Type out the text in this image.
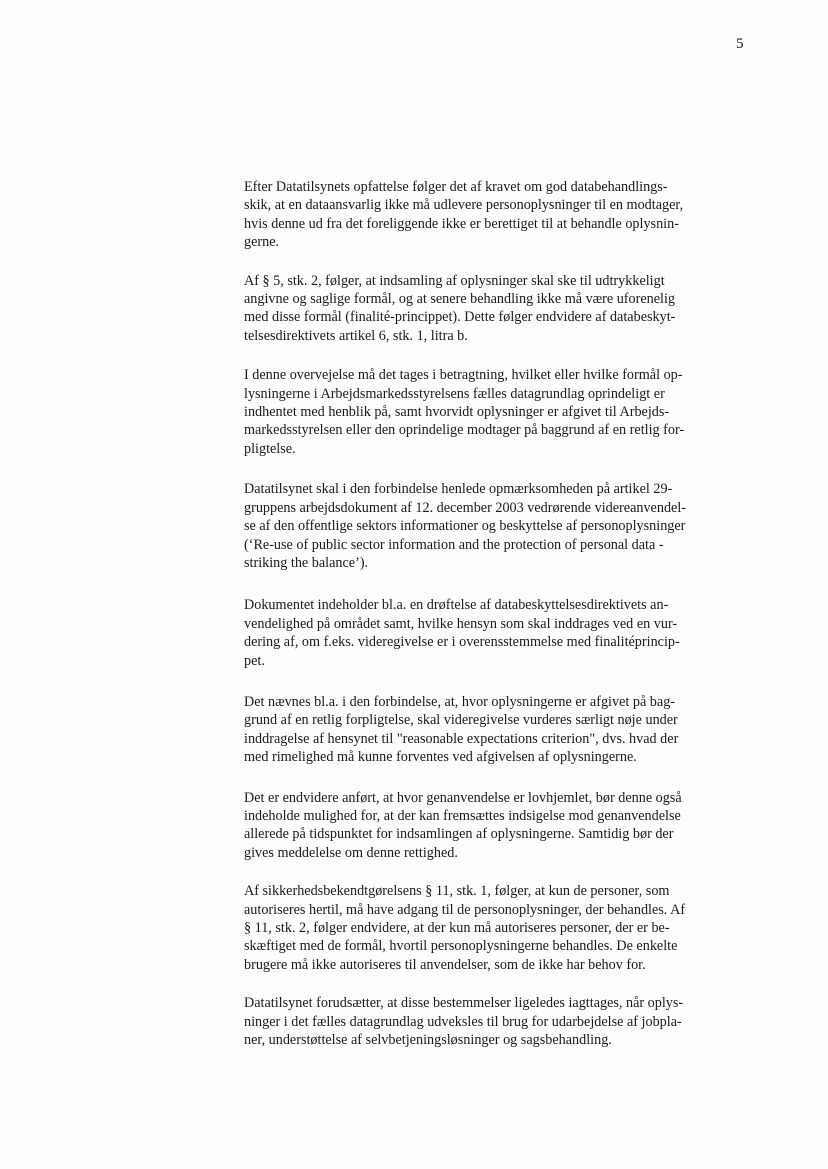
5

Efter Datatilsynets opfattelse følger det af kravet om god databehandlings-
skik, at en dataansvarlig ikke må udlevere personoplysninger til en modtager,
hvis denne ud fra det foreliggende ikke er berettiget til at behandle oplysnin-
gerne.

Af § 5, stk. 2, følger, at indsamling af oplysninger skal ske til udtrykkeligt
angivne og saglige formål, og at senere behandling ikke må være uforenelig
med disse formål (finalité-princippet). Dette følger endvidere af databeskyt-
telsesdirektivets artikel 6, stk. 1, litra b.

I denne overvejelse må det tages i betragtning, hvilket eller hvilke formål op-
lysningerne i Arbejdsmarkedsstyrelsens fælles datagrundlag oprindeligt er
indhentet med henblik på, samt hvorvidt oplysninger er afgivet til Arbejds-
markedsstyrelsen eller den oprindelige modtager på baggrund af en retlig for-
pligtelse.

Datatilsynet skal i den forbindelse henlede opmærksomheden på artikel 29-
gruppens arbejdsdokument af 12. december 2003 vedrørende videreanvendel-
se af den offentlige sektors informationer og beskyttelse af personoplysninger
(‘Re-use of public sector information and the protection of personal data -
striking the balance’).

Dokumentet indeholder bl.a. en drøftelse af databeskyttelsesdirektivets an-
vendelighed på området samt, hvilke hensyn som skal inddrages ved en vur-
dering af, om f.eks. videregivelse er i overensstemmelse med finalitéprincip-
pet.

Det nævnes bl.a. i den forbindelse, at, hvor oplysningerne er afgivet på bag-
grund af en retlig forpligtelse, skal videregivelse vurderes særligt nøje under
inddragelse af hensynet til "reasonable expectations criterion", dvs. hvad der
med rimelighed må kunne forventes ved afgivelsen af oplysningerne.

Det er endvidere anført, at hvor genanvendelse er lovhjemlet, bør denne også
indeholde mulighed for, at der kan fremsættes indsigelse mod genanvendelse
allerede på tidspunktet for indsamlingen af oplysningerne. Samtidig bør der
gives meddelelse om denne rettighed.

Af sikkerhedsbekendtgørelsens § 11, stk. 1, følger, at kun de personer, som
autoriseres hertil, må have adgang til de personoplysninger, der behandles. Af
§ 11, stk. 2, følger endvidere, at der kun må autoriseres personer, der er be-
skæftiget med de formål, hvortil personoplysningerne behandles. De enkelte
brugere må ikke autoriseres til anvendelser, som de ikke har behov for.

Datatilsynet forudsætter, at disse bestemmelser ligeledes iagttages, når oplys-
ninger i det fælles datagrundlag udveksles til brug for udarbejdelse af jobpla-
ner, understøttelse af selvbetjeningsløsninger og sagsbehandling.
